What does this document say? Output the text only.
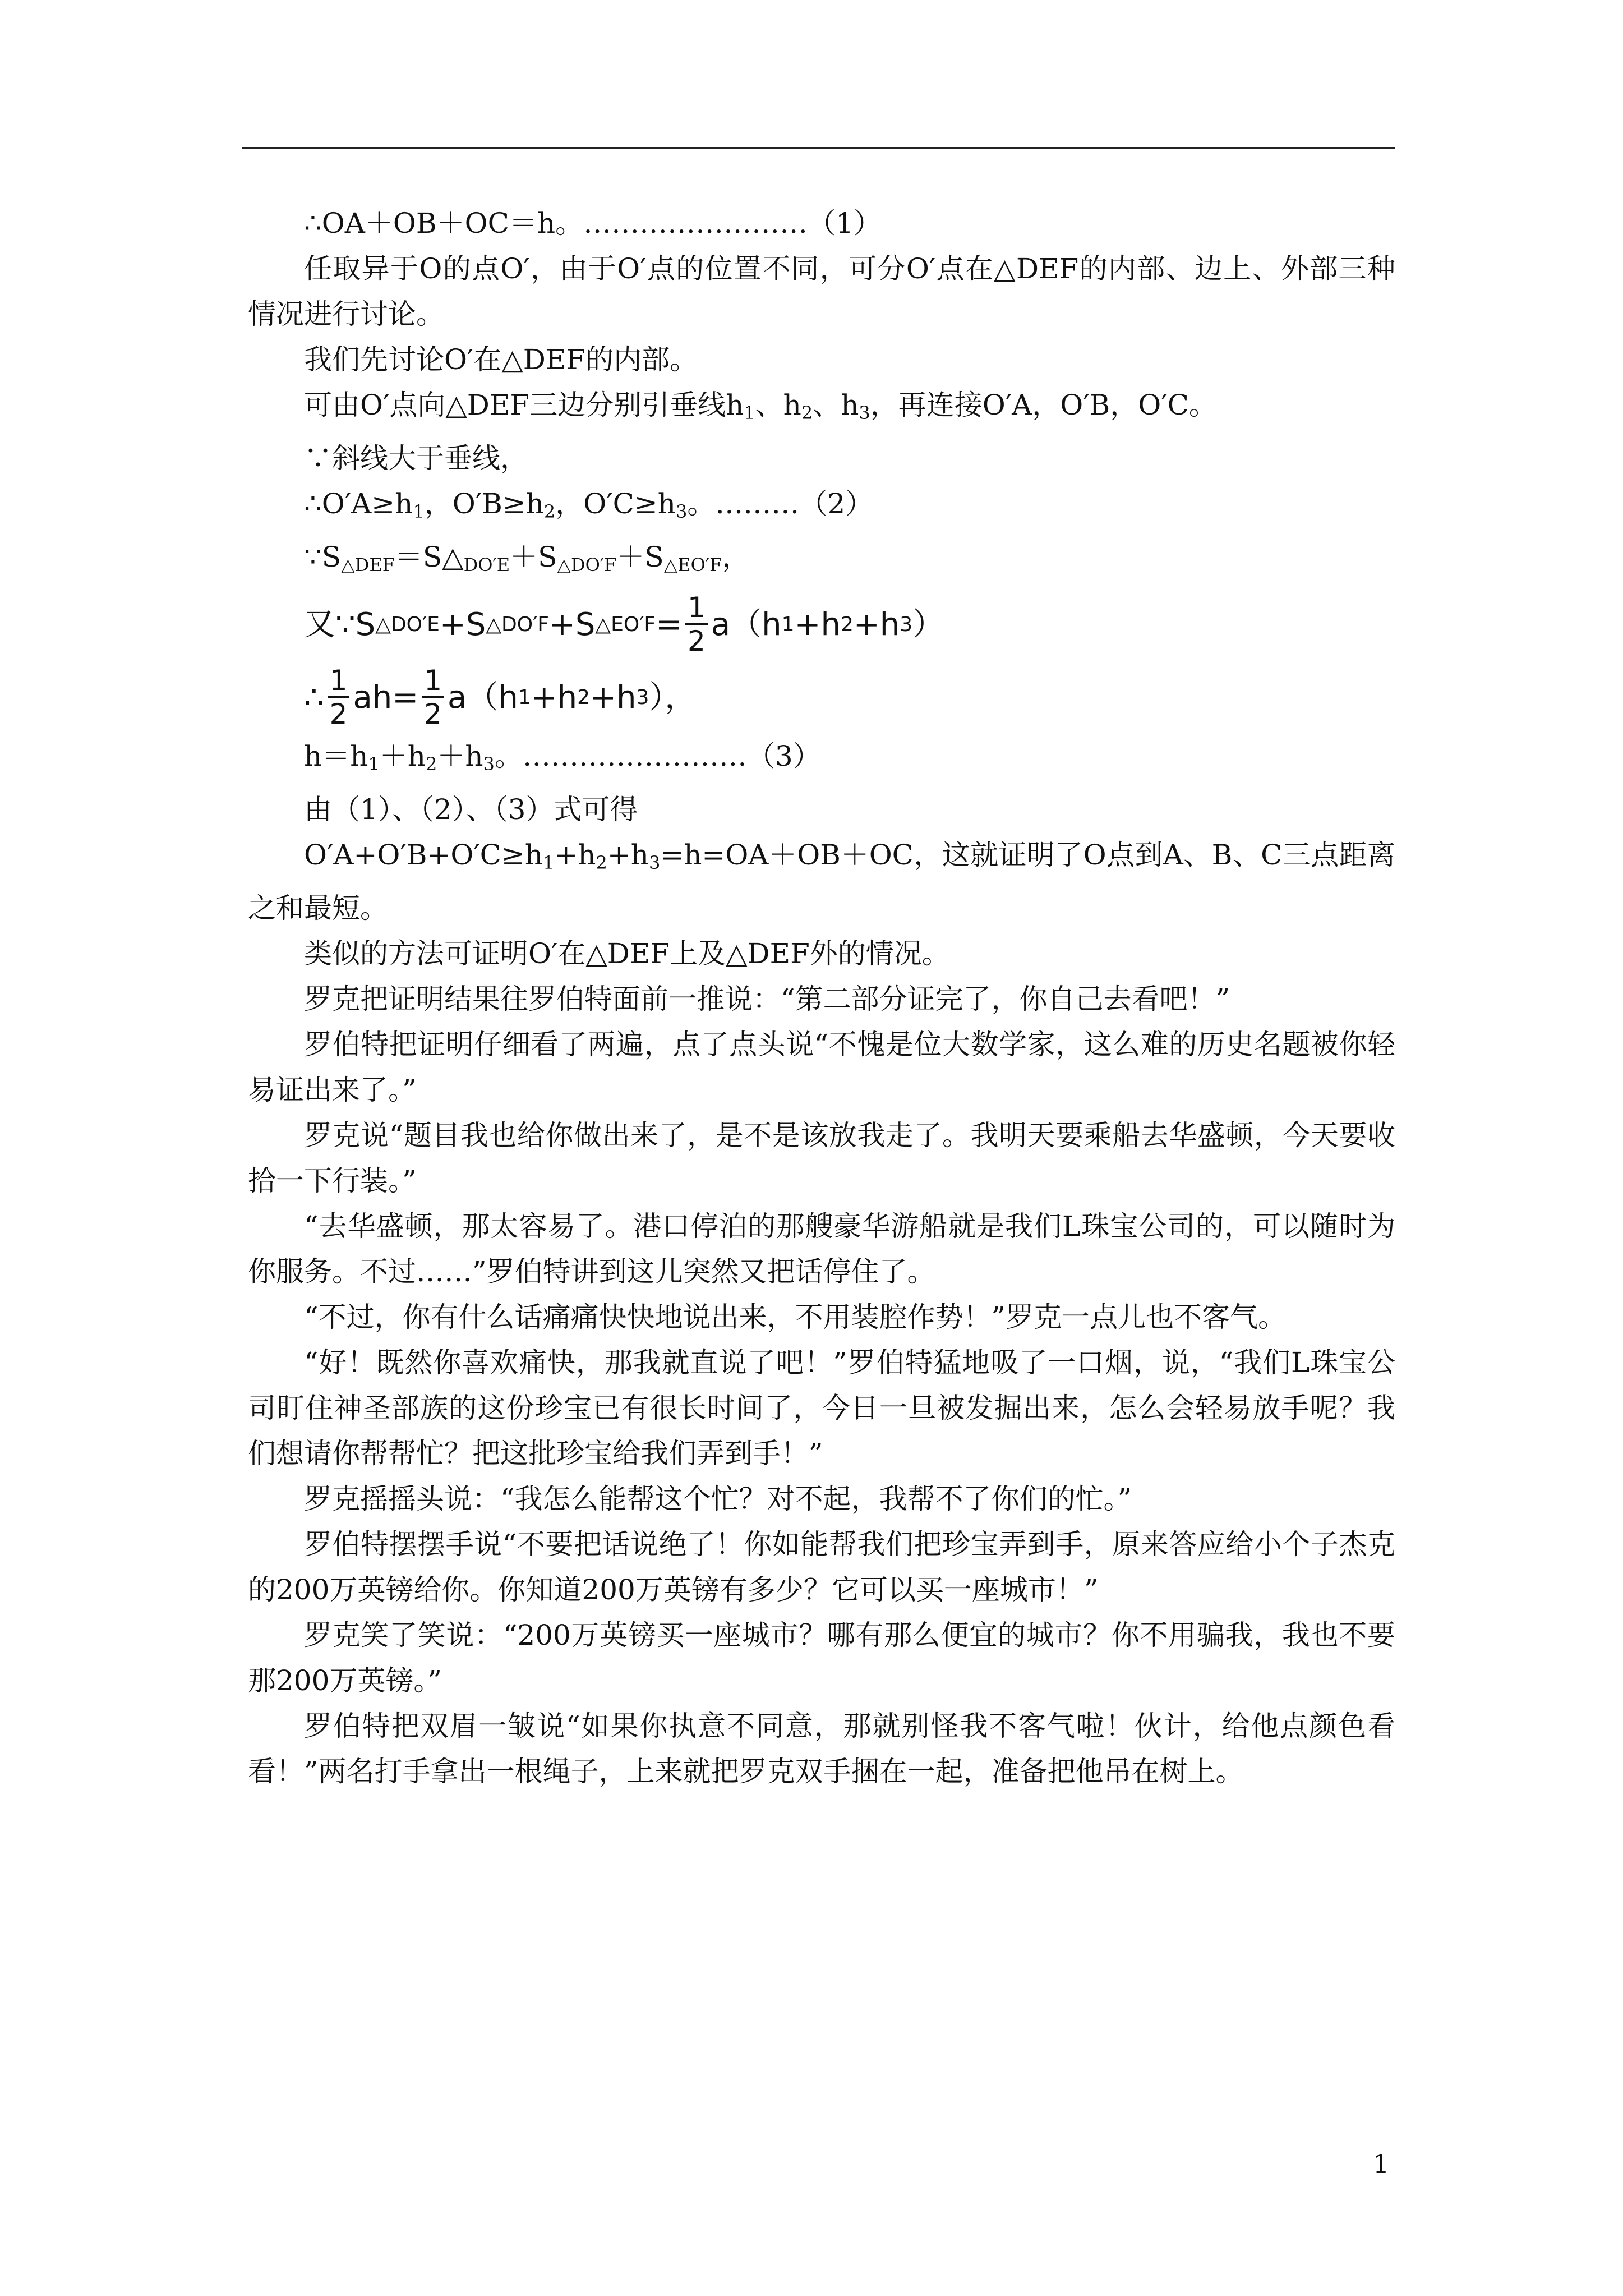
∴OA＋OB＋OC＝h。……………………（1）

任取异于O的点O′，由于O′点的位置不同，可分O′点在△DEF的内部、边上、外部三种情况进行讨论。

我们先讨论O′在△DEF的内部。

可由O′点向△DEF三边分别引垂线$h_1$、$h_2$、$h_3$，再连接O′A，O′B，O′C。

∵斜线大于垂线，

$\therefore O'A\ge h_1$，$O'B\ge h_2$，$O'C\ge h_3$。………（2）

$\because S_{\triangle DEF}=S\triangle_{DO'E}+S_{\triangle DO'F}+S_{\triangle EO'F}$，

又∵S △DO′E +S △DO′F +S △EO′F = $\frac{1}{2} a(h$ 1 +h 2 +h 3 ）
∴ $\frac{1}{2} ah= \frac{1}{2} a(h$ 1 +h 2 +h 3 ），

$h=h_1+h_2+h_3$。……………………（3）

由（1）、（2）、（3）式可得

$O'A+O'B+O'C\ge h_1+h_2+h_3=h=OA+OB+OC$，这就证明了O点到A、B、C三点距离之和最短。

类似的方法可证明O′在△DEF上及△DEF外的情况。

罗克把证明结果往罗伯特面前一推说：“第二部分证完了，你自己去看吧！”

罗伯特把证明仔细看了两遍，点了点头说“不愧是位大数学家，这么难的历史名题被你轻易证出来了。”

罗克说“题目我也给你做出来了，是不是该放我走了。我明天要乘船去华盛顿，今天要收拾一下行装。”

“去华盛顿，那太容易了。港口停泊的那艘豪华游船就是我们L珠宝公司的，可以随时为你服务。不过……”罗伯特讲到这儿突然又把话停住了。

“不过，你有什么话痛痛快快地说出来，不用装腔作势！”罗克一点儿也不客气。

“好！既然你喜欢痛快，那我就直说了吧！”罗伯特猛地吸了一口烟，说，“我们L珠宝公司盯住神圣部族的这份珍宝已有很长时间了，今日一旦被发掘出来，怎么会轻易放手呢？我们想请你帮帮忙？把这批珍宝给我们弄到手！”

罗克摇摇头说：“我怎么能帮这个忙？对不起，我帮不了你们的忙。”

罗伯特摆摆手说“不要把话说绝了！你如能帮我们把珍宝弄到手，原来答应给小个子杰克的200万英镑给你。你知道200万英镑有多少？它可以买一座城市！”

罗克笑了笑说：“200万英镑买一座城市？哪有那么便宜的城市？你不用骗我，我也不要那200万英镑。”

罗伯特把双眉一皱说“如果你执意不同意，那就别怪我不客气啦！伙计，给他点颜色看看！”两名打手拿出一根绳子，上来就把罗克双手捆在一起，准备把他吊在树上。

1
